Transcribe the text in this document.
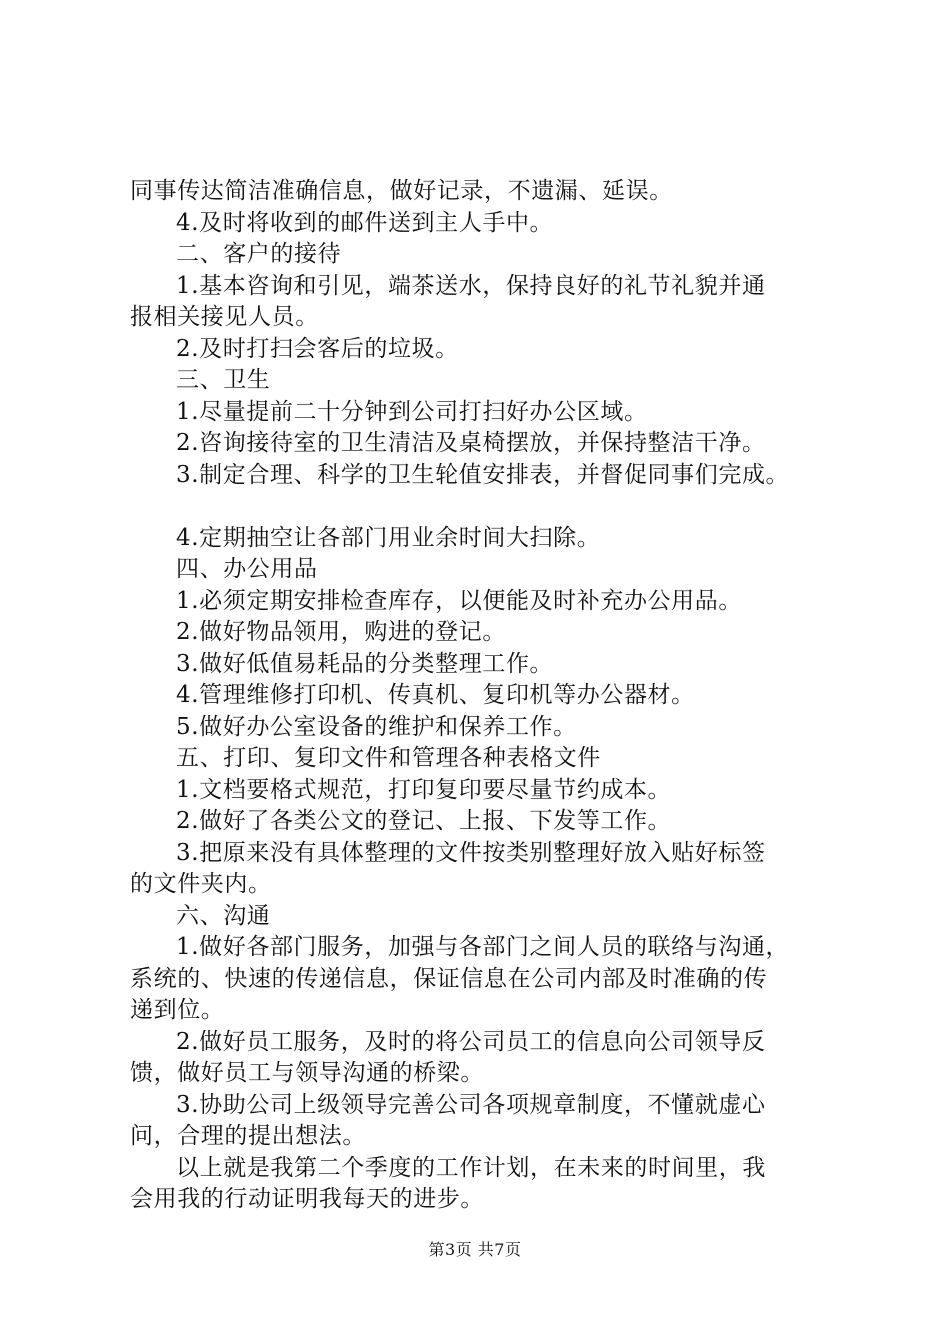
同事传达简洁准确信息，做好记录，不遗漏、延误。
4.及时将收到的邮件送到主人手中。
二、客户的接待
1.基本咨询和引见，端茶送水，保持良好的礼节礼貌并通
报相关接见人员。
2.及时打扫会客后的垃圾。
三、卫生
1.尽量提前二十分钟到公司打扫好办公区域。
2.咨询接待室的卫生清洁及桌椅摆放，并保持整洁干净。
3.制定合理、科学的卫生轮值安排表，并督促同事们完成。
4.定期抽空让各部门用业余时间大扫除。
四、办公用品
1.必须定期安排检查库存，以便能及时补充办公用品。
2.做好物品领用，购进的登记。
3.做好低值易耗品的分类整理工作。
4.管理维修打印机、传真机、复印机等办公器材。
5.做好办公室设备的维护和保养工作。
五、打印、复印文件和管理各种表格文件
1.文档要格式规范，打印复印要尽量节约成本。
2.做好了各类公文的登记、上报、下发等工作。
3.把原来没有具体整理的文件按类别整理好放入贴好标签
的文件夹内。
六、沟通
1.做好各部门服务，加强与各部门之间人员的联络与沟通，
系统的、快速的传递信息，保证信息在公司内部及时准确的传
递到位。
2.做好员工服务，及时的将公司员工的信息向公司领导反
馈，做好员工与领导沟通的桥梁。
3.协助公司上级领导完善公司各项规章制度，不懂就虚心
问，合理的提出想法。
以上就是我第二个季度的工作计划，在未来的时间里，我
会用我的行动证明我每天的进步。
第3页 共7页
